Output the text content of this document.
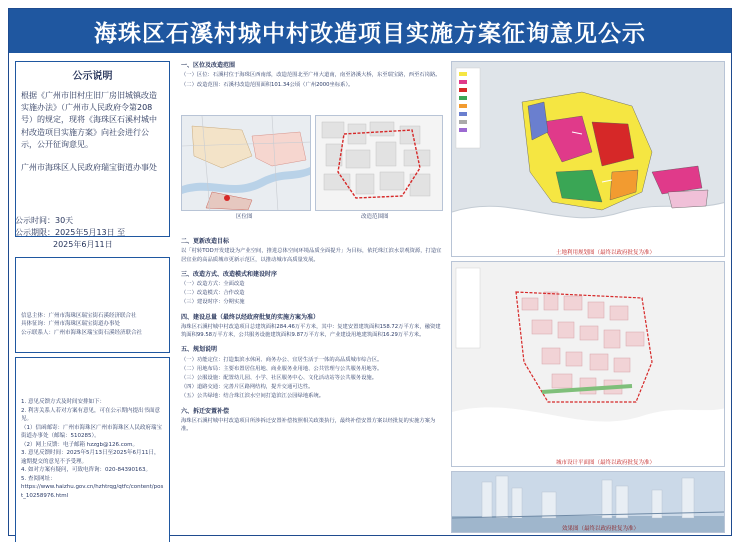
海珠区石溪村城中村改造项目实施方案征询意见公示
公示说明
根据《广州市旧村庄旧厂房旧城镇改造实施办法》（广州市人民政府令第208号）的规定，现将《海珠区石溪村城中村改造项目实施方案》向社会进行公示，公开征询意见。
广州市海珠区人民政府瑞宝街道办事处
公示时间：30天
公示期限：2025年5月13日 至
2025年6月11日
信息主体：广州市海珠区瑞宝街石溪经济联合社
具体征询：广州市海珠区瑞宝街道办事处
公示联系人：广州市海珠区瑞宝街石溪经济联合社
1. 意见反馈方式及时间安排如下：
2. 利害关系人若对方案有意见，可在公示期内提出书面意见。
（1）信函邮寄：广州市海珠区广州市海珠区人民政府瑞宝街道办事处（邮编：510285）。
（2）网上反馈：电子邮箱 hzzgb@126.com。
3. 意见反馈时间：2025年5月13日至2025年6月11日，逾期提交的意见不予受理。
4. 如对方案有疑问，可致电咨询：020-84390163。
5. 查阅网址：
https://www.haizhu.gov.cn/hzhtrqg/qtfc/content/post_10258976.html

一、区位及改造范围

（一）区位：石溪村位于海珠区西南部，改造范围北至广州大道南，南至洛溪大桥，东至瑞宝路，西至石岗路。

（二）改造范围：石溪村改造范围面积101.34公顷（广州2000坐标系）。

区位图	改造范围图

二、更新改造目标

以「村转TOD开发建设为产业空间，推进总体空间环境品质全面提升」为目标，依托珠江滨水景观资源，打造宜居宜业的高品质城市更新示范区，以推动城市高质量发展。

三、改造方式、改造模式和建设时序

（一）改造方式：全面改造

（二）改造模式：合作改造

（三）建设时序：分期实施

四、建设总量（最终以经政府批复的实施方案为准）

海珠区石溪村城中村改造项目总建筑面积284.46万平方米，其中：复建安置建筑面积158.72万平方米，融资建筑面积99.58万平方米，公共服务设施建筑面积9.87万平方米，产业建设用地建筑面积16.29万平方米。

五、规划说明

（一）功能定位：打造集滨水休闲、商务办公、宜居生活于一体的高品质城市综合区。

（二）用地布局：主要布置居住用地、商业服务业用地、公共管理与公共服务用地等。

（三）公服设施：配置幼儿园、小学、社区服务中心、文化活动站等公共服务设施。

（四）道路交通：完善片区路网结构，提升交通可达性。

（五）公共绿地：结合珠江滨水空间打造滨江公园绿地系统。

六、拆迁安置补偿

海珠区石溪村城中村改造项目所涉拆迁安置补偿按照相关政策执行，最终补偿安置方案以经批复的实施方案为准。

土地利用规划图（最终以政府批复为准）
城市设计平面图（最终以政府批复为准）
效果图（最终以政府批复为准）
